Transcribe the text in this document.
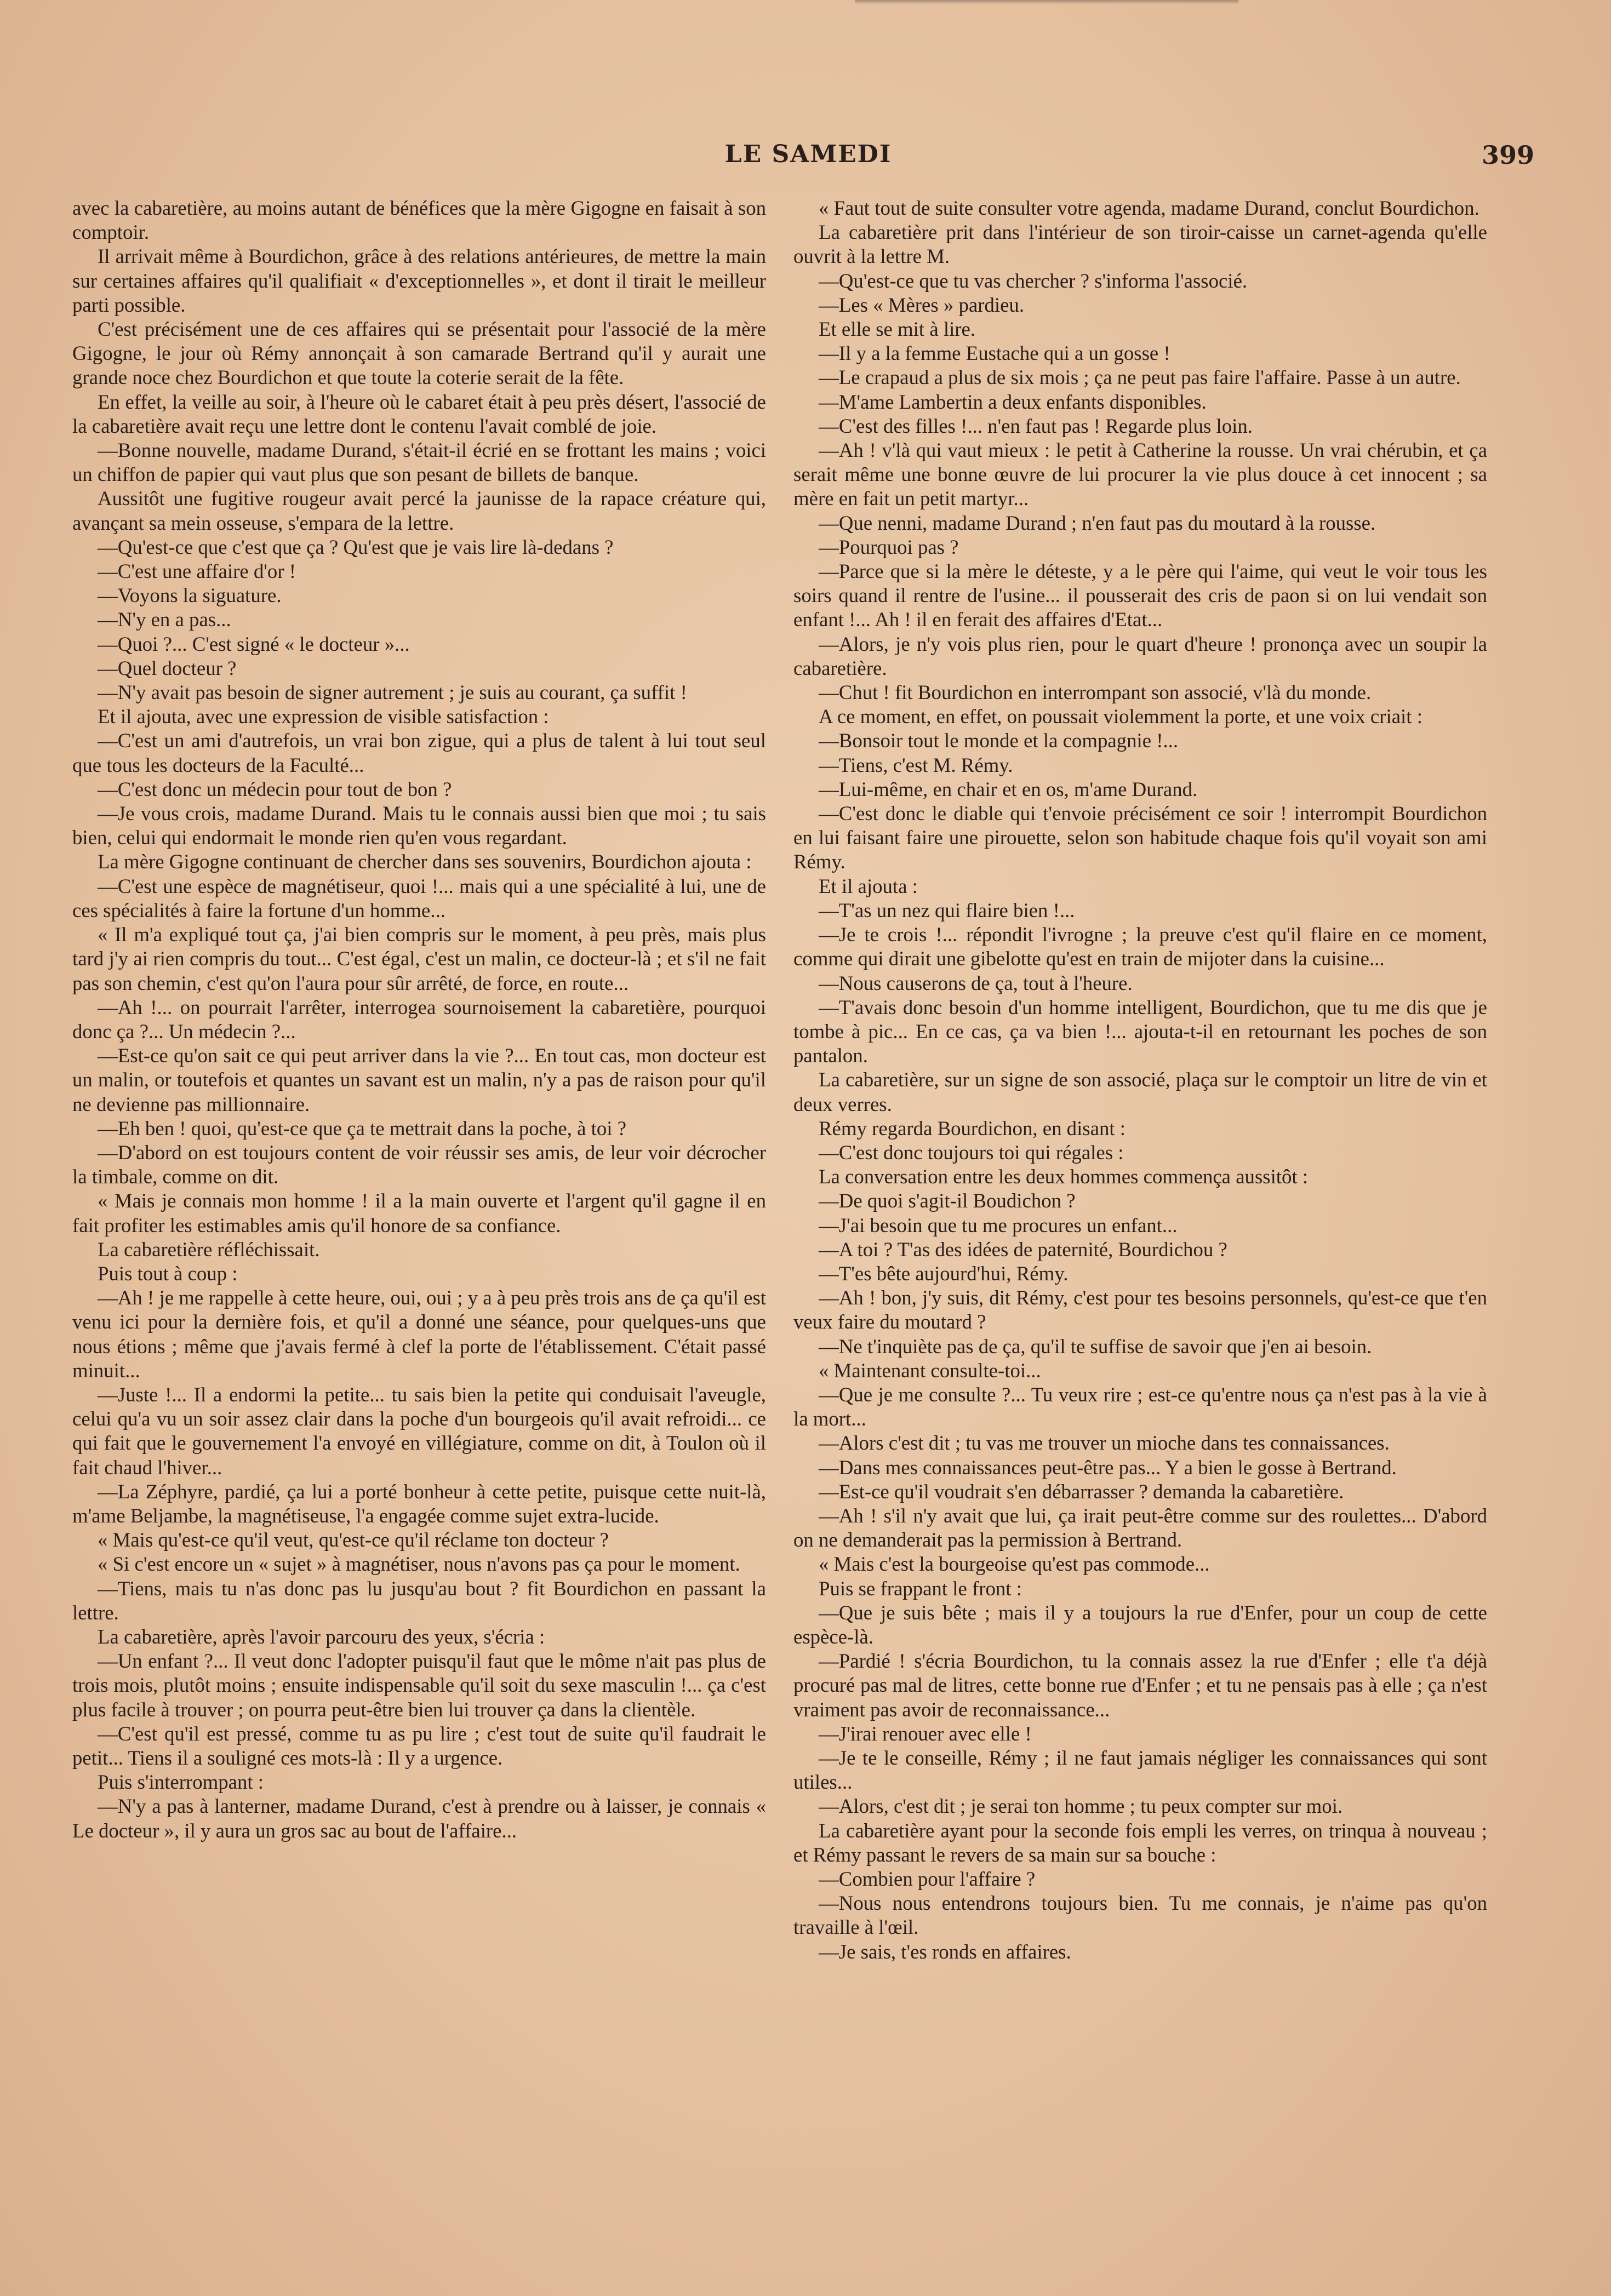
LE SAMEDI	399

avec la cabaretière, au moins autant de bénéfices que la mère Gigogne en faisait à son comptoir.

Il arrivait même à Bourdichon, grâce à des relations antérieures, de mettre la main sur certaines affaires qu'il qualifiait « d'exceptionnelles », et dont il tirait le meilleur parti possible.

C'est précisément une de ces affaires qui se présentait pour l'associé de la mère Gigogne, le jour où Rémy annonçait à son camarade Bertrand qu'il y aurait une grande noce chez Bourdichon et que toute la coterie serait de la fête.

En effet, la veille au soir, à l'heure où le cabaret était à peu près désert, l'associé de la cabaretière avait reçu une lettre dont le contenu l'avait comblé de joie.

—Bonne nouvelle, madame Durand, s'était-il écrié en se frottant les mains ; voici un chiffon de papier qui vaut plus que son pesant de billets de banque.

Aussitôt une fugitive rougeur avait percé la jaunisse de la rapace créature qui, avançant sa mein osseuse, s'empara de la lettre.

—Qu'est-ce que c'est que ça ? Qu'est que je vais lire là-dedans ?

—C'est une affaire d'or !

—Voyons la siguature.

—N'y en a pas...

—Quoi ?... C'est signé « le docteur »...

—Quel docteur ?

—N'y avait pas besoin de signer autrement ; je suis au courant, ça suffit !

Et il ajouta, avec une expression de visible satisfaction :

—C'est un ami d'autrefois, un vrai bon zigue, qui a plus de talent à lui tout seul que tous les docteurs de la Faculté...

—C'est donc un médecin pour tout de bon ?

—Je vous crois, madame Durand. Mais tu le connais aussi bien que moi ; tu sais bien, celui qui endormait le monde rien qu'en vous regardant.

La mère Gigogne continuant de chercher dans ses souvenirs, Bourdichon ajouta :

—C'est une espèce de magnétiseur, quoi !... mais qui a une spécialité à lui, une de ces spécialités à faire la fortune d'un homme...

« Il m'a expliqué tout ça, j'ai bien compris sur le moment, à peu près, mais plus tard j'y ai rien compris du tout... C'est égal, c'est un malin, ce docteur-là ; et s'il ne fait pas son chemin, c'est qu'on l'aura pour sûr arrêté, de force, en route...

—Ah !... on pourrait l'arrêter, interrogea sournoisement la cabaretière, pourquoi donc ça ?... Un médecin ?...

—Est-ce qu'on sait ce qui peut arriver dans la vie ?... En tout cas, mon docteur est un malin, or toutefois et quantes un savant est un malin, n'y a pas de raison pour qu'il ne devienne pas millionnaire.

—Eh ben ! quoi, qu'est-ce que ça te mettrait dans la poche, à toi ?

—D'abord on est toujours content de voir réussir ses amis, de leur voir décrocher la timbale, comme on dit.

« Mais je connais mon homme ! il a la main ouverte et l'argent qu'il gagne il en fait profiter les estimables amis qu'il honore de sa confiance.

La cabaretière réfléchissait.

Puis tout à coup :

—Ah ! je me rappelle à cette heure, oui, oui ; y a à peu près trois ans de ça qu'il est venu ici pour la dernière fois, et qu'il a donné une séance, pour quelques-uns que nous étions ; même que j'avais fermé à clef la porte de l'établissement. C'était passé minuit...

—Juste !... Il a endormi la petite... tu sais bien la petite qui conduisait l'aveugle, celui qu'a vu un soir assez clair dans la poche d'un bourgeois qu'il avait refroidi... ce qui fait que le gouvernement l'a envoyé en villégiature, comme on dit, à Toulon où il fait chaud l'hiver...

—La Zéphyre, pardié, ça lui a porté bonheur à cette petite, puisque cette nuit-là, m'ame Beljambe, la magnétiseuse, l'a engagée comme sujet extra-lucide.

« Mais qu'est-ce qu'il veut, qu'est-ce qu'il réclame ton docteur ?

« Si c'est encore un « sujet » à magnétiser, nous n'avons pas ça pour le moment.

—Tiens, mais tu n'as donc pas lu jusqu'au bout ? fit Bourdichon en passant la lettre.

La cabaretière, après l'avoir parcouru des yeux, s'écria :

—Un enfant ?... Il veut donc l'adopter puisqu'il faut que le môme n'ait pas plus de trois mois, plutôt moins ; ensuite indispensable qu'il soit du sexe masculin !... ça c'est plus facile à trouver ; on pourra peut-être bien lui trouver ça dans la clientèle.

—C'est qu'il est pressé, comme tu as pu lire ; c'est tout de suite qu'il faudrait le petit... Tiens il a souligné ces mots-là : Il y a urgence.

Puis s'interrompant :

—N'y a pas à lanterner, madame Durand, c'est à prendre ou à laisser, je connais « Le docteur », il y aura un gros sac au bout de l'affaire...

« Faut tout de suite consulter votre agenda, madame Durand, conclut Bourdichon.

La cabaretière prit dans l'intérieur de son tiroir-caisse un carnet-agenda qu'elle ouvrit à la lettre M.

—Qu'est-ce que tu vas chercher ? s'informa l'associé.

—Les « Mères » pardieu.

Et elle se mit à lire.

—Il y a la femme Eustache qui a un gosse !

—Le crapaud a plus de six mois ; ça ne peut pas faire l'affaire. Passe à un autre.

—M'ame Lambertin a deux enfants disponibles.

—C'est des filles !... n'en faut pas ! Regarde plus loin.

—Ah ! v'là qui vaut mieux : le petit à Catherine la rousse. Un vrai chérubin, et ça serait même une bonne œuvre de lui procurer la vie plus douce à cet innocent ; sa mère en fait un petit martyr...

—Que nenni, madame Durand ; n'en faut pas du moutard à la rousse.

—Pourquoi pas ?

—Parce que si la mère le déteste, y a le père qui l'aime, qui veut le voir tous les soirs quand il rentre de l'usine... il pousserait des cris de paon si on lui vendait son enfant !... Ah ! il en ferait des affaires d'Etat...

—Alors, je n'y vois plus rien, pour le quart d'heure ! prononça avec un soupir la cabaretière.

—Chut ! fit Bourdichon en interrompant son associé, v'là du monde.

A ce moment, en effet, on poussait violemment la porte, et une voix criait :

—Bonsoir tout le monde et la compagnie !...

—Tiens, c'est M. Rémy.

—Lui-même, en chair et en os, m'ame Durand.

—C'est donc le diable qui t'envoie précisément ce soir ! interrompit Bourdichon en lui faisant faire une pirouette, selon son habitude chaque fois qu'il voyait son ami Rémy.

Et il ajouta :

—T'as un nez qui flaire bien !...

—Je te crois !... répondit l'ivrogne ; la preuve c'est qu'il flaire en ce moment, comme qui dirait une gibelotte qu'est en train de mijoter dans la cuisine...

—Nous causerons de ça, tout à l'heure.

—T'avais donc besoin d'un homme intelligent, Bourdichon, que tu me dis que je tombe à pic... En ce cas, ça va bien !... ajouta-t-il en retournant les poches de son pantalon.

La cabaretière, sur un signe de son associé, plaça sur le comptoir un litre de vin et deux verres.

Rémy regarda Bourdichon, en disant :

—C'est donc toujours toi qui régales :

La conversation entre les deux hommes commença aussitôt :

—De quoi s'agit-il Boudichon ?

—J'ai besoin que tu me procures un enfant...

—A toi ? T'as des idées de paternité, Bourdichou ?

—T'es bête aujourd'hui, Rémy.

—Ah ! bon, j'y suis, dit Rémy, c'est pour tes besoins personnels, qu'est-ce que t'en veux faire du moutard ?

—Ne t'inquiète pas de ça, qu'il te suffise de savoir que j'en ai besoin.

« Maintenant consulte-toi...

—Que je me consulte ?... Tu veux rire ; est-ce qu'entre nous ça n'est pas à la vie à la mort...

—Alors c'est dit ; tu vas me trouver un mioche dans tes connaissances.

—Dans mes connaissances peut-être pas... Y a bien le gosse à Bertrand.

—Est-ce qu'il voudrait s'en débarrasser ? demanda la cabaretière.

—Ah ! s'il n'y avait que lui, ça irait peut-être comme sur des roulettes... D'abord on ne demanderait pas la permission à Bertrand.

« Mais c'est la bourgeoise qu'est pas commode...

Puis se frappant le front :

—Que je suis bête ; mais il y a toujours la rue d'Enfer, pour un coup de cette espèce-là.

—Pardié ! s'écria Bourdichon, tu la connais assez la rue d'Enfer ; elle t'a déjà procuré pas mal de litres, cette bonne rue d'Enfer ; et tu ne pensais pas à elle ; ça n'est vraiment pas avoir de reconnaissance...

—J'irai renouer avec elle !

—Je te le conseille, Rémy ; il ne faut jamais négliger les connaissances qui sont utiles...

—Alors, c'est dit ; je serai ton homme ; tu peux compter sur moi.

La cabaretière ayant pour la seconde fois empli les verres, on trinqua à nouveau ; et Rémy passant le revers de sa main sur sa bouche :

—Combien pour l'affaire ?

—Nous nous entendrons toujours bien. Tu me connais, je n'aime pas qu'on travaille à l'œil.

—Je sais, t'es ronds en affaires.
